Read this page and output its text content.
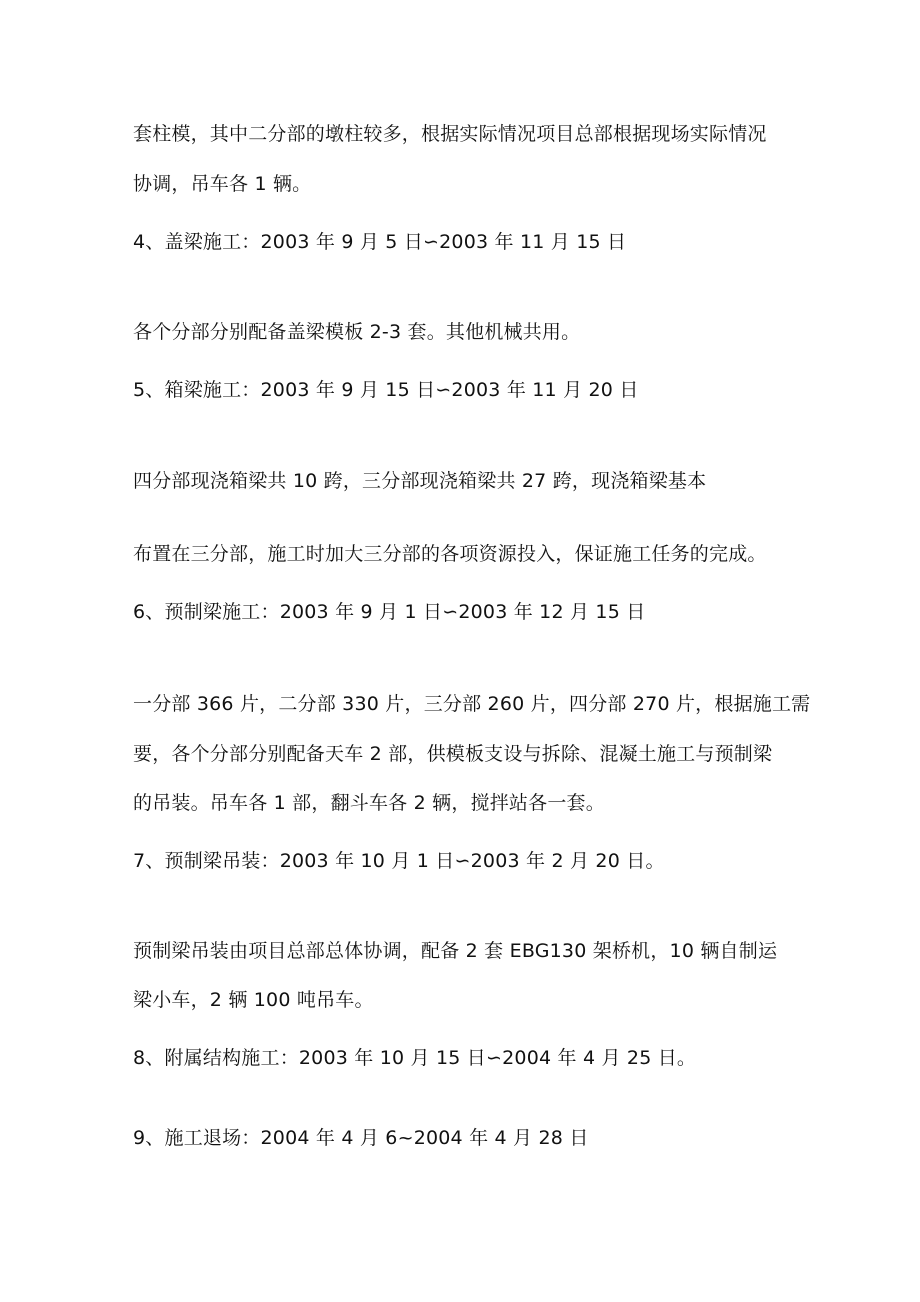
套柱模，其中二分部的墩柱较多，根据实际情况项目总部根据现场实际情况
协调，吊车各 1 辆。
4、盖梁施工：2003 年 9 月 5 日∽2003 年 11 月 15 日
各个分部分别配备盖梁模板 2-3 套。其他机械共用。
5、箱梁施工：2003 年 9 月 15 日∽2003 年 11 月 20 日
四分部现浇箱梁共 10 跨，三分部现浇箱梁共 27 跨，现浇箱梁基本
布置在三分部，施工时加大三分部的各项资源投入，保证施工任务的完成。
6、预制梁施工：2003 年 9 月 1 日∽2003 年 12 月 15 日
一分部 366 片，二分部 330 片，三分部 260 片，四分部 270 片，根据施工需
要，各个分部分别配备天车 2 部，供模板支设与拆除、混凝土施工与预制梁
的吊装。吊车各 1 部，翻斗车各 2 辆，搅拌站各一套。
7、预制梁吊装：2003 年 10 月 1 日∽2003 年 2 月 20 日。
预制梁吊装由项目总部总体协调，配备 2 套 EBG130 架桥机，10 辆自制运
梁小车，2 辆 100 吨吊车。
8、附属结构施工：2003 年 10 月 15 日∽2004 年 4 月 25 日。
9、施工退场：2004 年 4 月 6~2004 年 4 月 28 日
